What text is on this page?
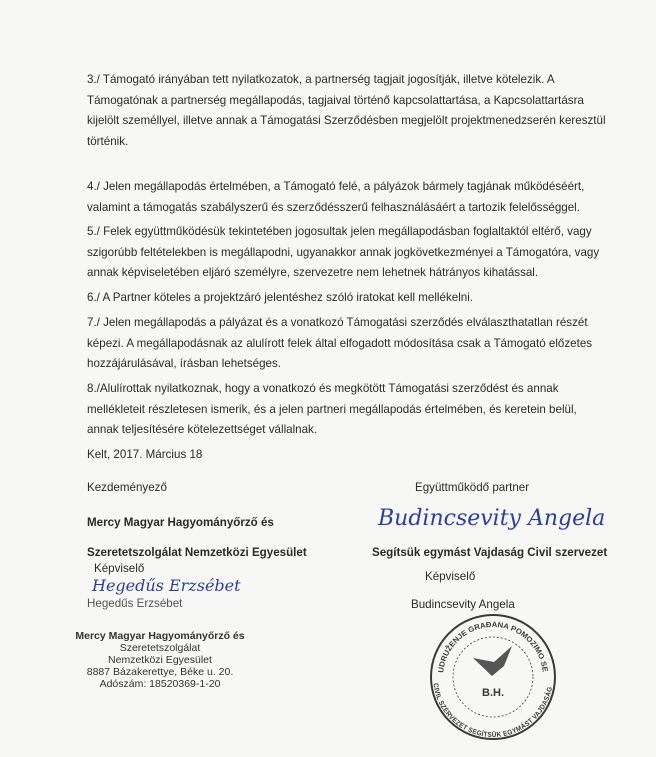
3./ Támogató irányában tett nyilatkozatok, a partnerség tagjait jogosítják, illetve kötelezik. A
Támogatónak a partnerség megállapodás, tagjaival történő kapcsolattartása, a Kapcsolattartásra
kijelölt személlyel, illetve annak a Támogatási Szerződésben megjelölt projektmenedzserén keresztül
történik.
4./ Jelen megállapodás értelmében, a Támogató felé, a pályázok bármely tagjának működéséért,
valamint a támogatás szabályszerű és szerződésszerű felhasználásáért a tartozik felelősséggel.
5./ Felek együttműködésük tekintetében jogosultak jelen megállapodásban foglaltaktól eltérő, vagy
szigorúbb feltételekben is megállapodni, ugyanakkor annak jogkövetkezményei a Támogatóra, vagy
annak képviseletében eljáró személyre, szervezetre nem lehetnek hátrányos kihatással.
6./ A Partner köteles a projektzáró jelentéshez szóló iratokat kell mellékelni.
7./ Jelen megállapodás a pályázat és a vonatkozó Támogatási szerződés elválaszthatatlan részét
képezi. A megállapodásnak az alulírott felek által elfogadott módosítása csak a Támogató előzetes
hozzájárulásával, írásban lehetséges.
8./Alulírottak nyilatkoznak, hogy a vonatkozó és megkötött Támogatási szerződést és annak
mellékleteit részletesen ismerik, és a jelen partneri megállapodás értelmében, és keretein belül,
annak teljesítésére kötelezettséget vállalnak.
Kelt, 2017. Március 18
Kezdeményező	Együttműködő partner
Mercy Magyar Hagyományőrző és
Szeretetszolgálat Nemzetközi Egyesület	Segítsük egymást Vajdaság Civil szervezet
Budincsevity Angela
Képviselő
Budincsevity Angela
Képviselő
Hegedűs Erzsébet
Hegedűs Erzsébet
Mercy Magyar Hagyományőrző és
Szeretetszolgálat
Nemzetközi Egyesület
8887 Bázakerettye, Béke u. 20.
Adószám: 18520369-1-20
UDRUŽENJE GRAĐANA POMOZIMO SE
CIVIL SZERVEZET SEGÍTSÜK EGYMÁST VAJDASÁG
B.H.
